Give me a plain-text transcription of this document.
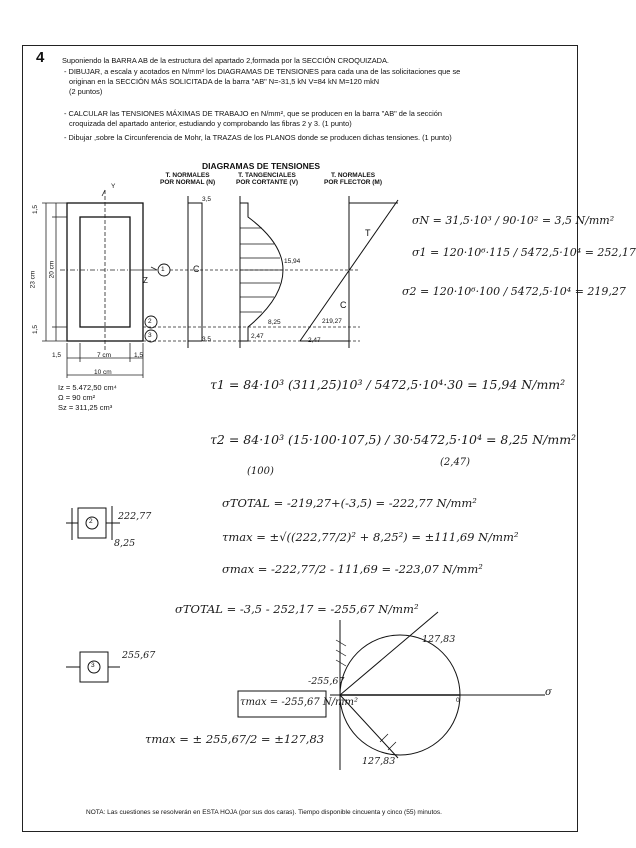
4 Suponiendo la BARRA AB de la estructura del apartado 2,formada por la SECCIÓN CROQUIZADA.
- DIBUJAR, a escala y acotados en N/mm² los DIAGRAMAS DE TENSIONES para cada una de las solicitaciones que se
originan en la SECCIÓN MÁS SOLICITADA de la barra "AB" N=-31,5 kN V=84 kN M=120 mkN
(2 puntos)
- CALCULAR las TENSIONES MÁXIMAS DE TRABAJO en N/mm², que se producen en la barra "AB" de la sección
croquizada del apartado anterior, estudiando y comprobando las fibras 2 y 3. (1 punto)
- Dibujar ,sobre la Circunferencia de Mohr, la TRAZAS de los PLANOS donde se producen dichas tensiones. (1 punto)
DIAGRAMAS DE TENSIONES
T. NORMALES
POR NORMAL (N)
T. TANGENCIALES
POR CORTANTE (V)
T. NORMALES
POR FLECTOR (M)
Y
Z
1
2
3
1,5
20 cm
23 cm
1,5
1,5	7 cm	1,5
10 cm
3,5
3,5
C
15,94
8,25
2,47
2,47
T
219,27
C
Iz = 5.472,50 cm⁴
Ω = 90 cm²
Sz = 311,25 cm³
σN = 31,5·10³ / 90·10² = 3,5 N/mm²
σ1 = 120·10⁶·115 / 5472,5·10⁴ = 252,17
σ2 = 120·10⁶·100 / 5472,5·10⁴ = 219,27
τ1 = 84·10³ (311,25)10³ / 5472,5·10⁴·30 = 15,94 N/mm²
τ2 = 84·10³ (15·100·107,5) / 30·5472,5·10⁴ = 8,25 N/mm²
(100)
(2,47)
σTOTAL = -219,27+(-3,5) = -222,77 N/mm²
τmax = ±√((222,77/2)² + 8,25²) = ±111,69 N/mm²
σmax = -222,77/2 - 111,69 = -223,07 N/mm²
σTOTAL = -3,5 - 252,17 = -255,67 N/mm²
τmax = -255,67 N/mm²
τmax = ± 255,67/2 = ±127,83
222,77
8,25
2
255,67
3
127,83
127,83
-255,67
0
σ
NOTA: Las cuestiones se resolverán en ESTA HOJA (por sus dos caras). Tiempo disponible cincuenta y cinco (55) minutos.
